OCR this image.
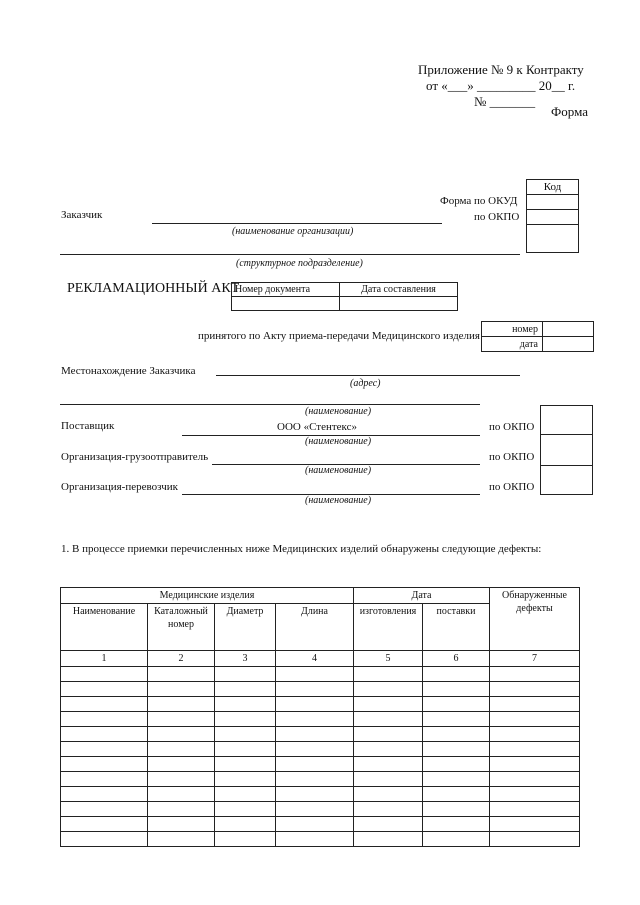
Приложение № 9 к Контракту
от «___» _________ 20__ г.
№ _______
Форма
Код

Форма по ОКУД
по ОКПО
Заказчик
(наименование организации)
(структурное подразделение)
РЕКЛАМАЦИОННЫЙ АКТ
Номер документа	Дата составления

принятого по Акту приема-передачи Медицинского изделия
номер	
дата	
Местонахождение Заказчика
(адрес)
(наименование)
Поставщик	ООО «Стентекс»
(наименование)
по ОКПО
Организация-грузоотправитель
(наименование)
по ОКПО
Организация-перевозчик
(наименование)
по ОКПО
1. В процессе приемки перечисленных ниже Медицинских изделий обнаружены следующие дефекты:
Медицинские изделия				Дата		Обнаруженные дефекты
Наименование	Каталожный номер	Диаметр	Длина	изготовления	поставки	
1	2	3	4	5	6	7
